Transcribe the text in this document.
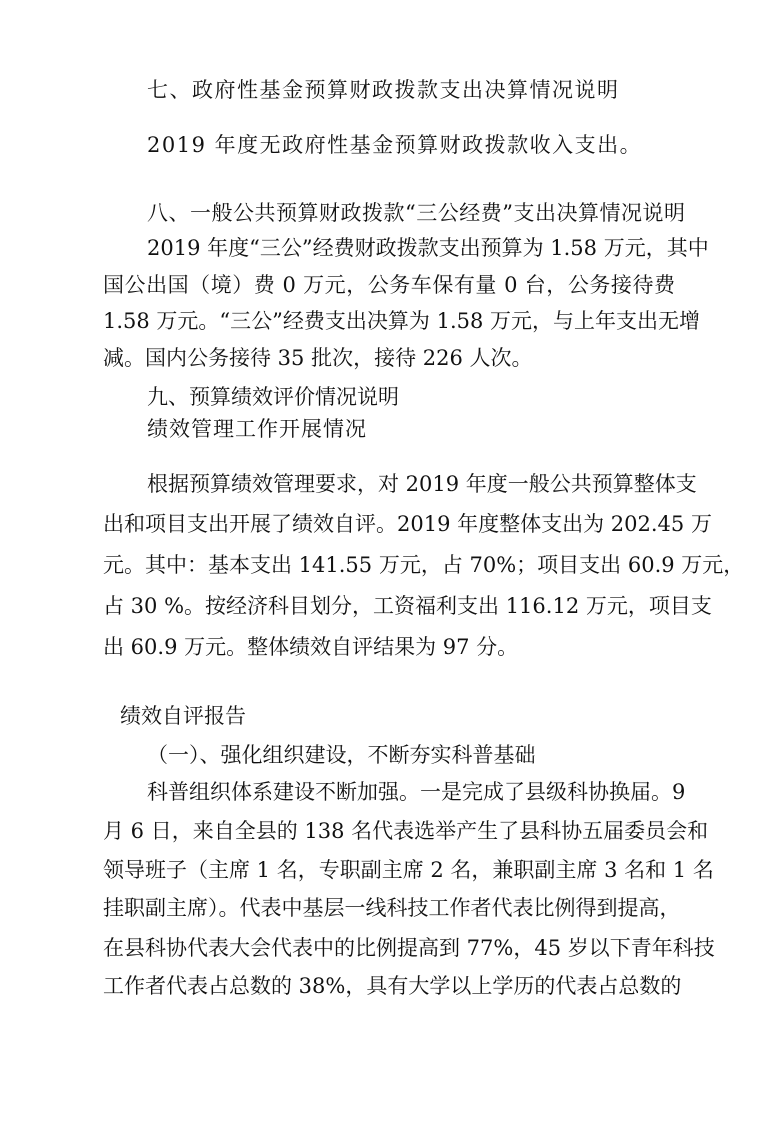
七、政府性基金预算财政拨款支出决算情况说明
2019 年度无政府性基金预算财政拨款收入支出。
八、一般公共预算财政拨款“三公经费”支出决算情况说明
2019 年度“三公”经费财政拨款支出预算为 1.58 万元，其中
国公出国（境）费 0 万元，公务车保有量 0 台，公务接待费
1.58 万元。“三公”经费支出决算为 1.58 万元，与上年支出无增
减。国内公务接待 35 批次，接待 226 人次。
九、预算绩效评价情况说明
绩效管理工作开展情况
根据预算绩效管理要求，对 2019 年度一般公共预算整体支
出和项目支出开展了绩效自评。2019 年度整体支出为 202.45 万
元。其中：基本支出 141.55 万元，占 70%；项目支出 60.9 万元，
占 30 %。按经济科目划分，工资福利支出 116.12 万元，项目支
出 60.9 万元。整体绩效自评结果为 97 分。
绩效自评报告
（一）、强化组织建设，不断夯实科普基础
科普组织体系建设不断加强。一是完成了县级科协换届。9
月 6 日，来自全县的 138 名代表选举产生了县科协五届委员会和
领导班子（主席 1 名，专职副主席 2 名，兼职副主席 3 名和 1 名
挂职副主席）。代表中基层一线科技工作者代表比例得到提高，
在县科协代表大会代表中的比例提高到 77%，45 岁以下青年科技
工作者代表占总数的 38%，具有大学以上学历的代表占总数的
